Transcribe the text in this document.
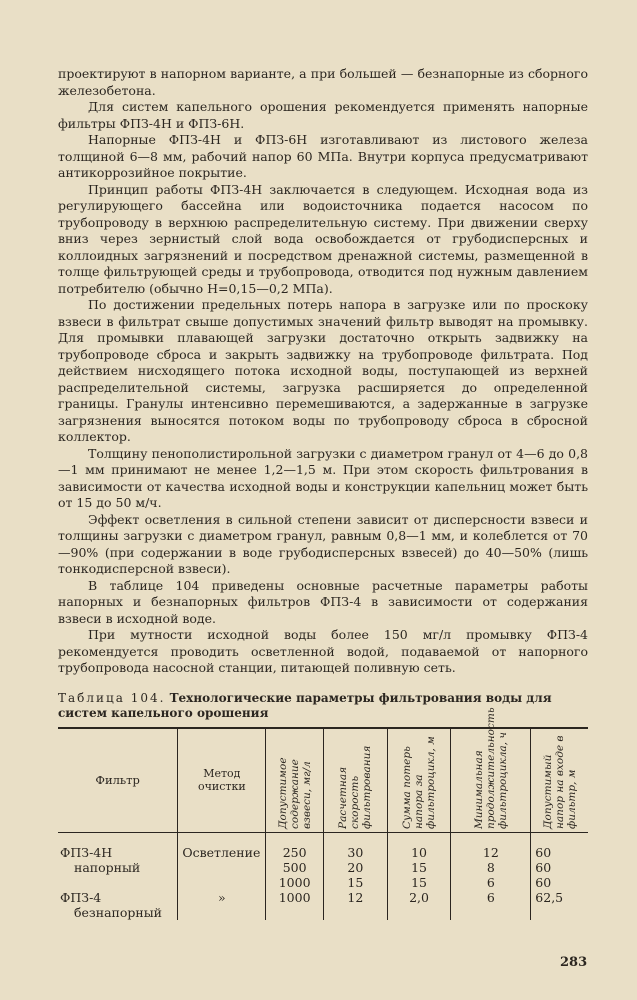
проектируют в напорном варианте, а при большей — безнапорные из сборного железобетона.

Для систем капельного орошения рекомендуется применять напорные фильтры ФПЗ-4Н и ФПЗ-6Н.

Напорные ФПЗ-4Н и ФПЗ-6Н изготавливают из листового железа толщиной 6—8 мм, рабочий напор 60 МПа. Внутри корпуса предусматривают антикоррозийное покрытие.

Принцип работы ФПЗ-4Н заключается в следующем. Исходная вода из регулирующего бассейна или водоисточника подается насосом по трубопроводу в верхнюю распределительную систему. При движении сверху вниз через зернистый слой вода освобождается от грубодисперсных и коллоидных загрязнений и посредством дренажной системы, размещенной в толще фильтрующей среды и трубопровода, отводится под нужным давлением потребителю (обычно H=0,15—0,2 МПа).

По достижении предельных потерь напора в загрузке или по проскоку взвеси в фильтрат свыше допустимых значений фильтр выводят на промывку. Для промывки плавающей загрузки достаточно открыть задвижку на трубопроводе сброса и закрыть задвижку на трубопроводе фильтрата. Под действием нисходящего потока исходной воды, поступающей из верхней распределительной системы, загрузка расширяется до определенной границы. Гранулы интенсивно перемешиваются, а задержанные в загрузке загрязнения выносятся потоком воды по трубопроводу сброса в сбросной коллектор.

Толщину пенополистирольной загрузки с диаметром гранул от 4—6 до 0,8—1 мм принимают не менее 1,2—1,5 м. При этом скорость фильтрования в зависимости от качества исходной воды и конструкции капельниц может быть от 15 до 50 м/ч.

Эффект осветления в сильной степени зависит от дисперсности взвеси и толщины загрузки с диаметром гранул, равным 0,8—1 мм, и колеблется от 70—90% (при содержании в воде грубодисперсных взвесей) до 40—50% (лишь тонкодисперсной взвеси).

В таблице 104 приведены основные расчетные параметры работы напорных и безнапорных фильтров ФПЗ-4 в зависимости от содержания взвеси в исходной воде.

При мутности исходной воды более 150 мг/л промывку ФПЗ-4 рекомендуется проводить осветленной водой, подаваемой от напорного трубопровода насосной станции, питающей поливную сеть.

Таблица 104. Технологические параметры фильтрования воды для систем капельного орошения
Фильтр	Метод очистки	Допустимое содержание взвеси, мг/л	Расчетная скорость фильтрования	Сумма потерь напора за фильтроцикл, м	Минимальная продолжительность фильтроцикла, ч	Допустимый напор на входе в фильтр, м

ФПЗ-4Н	Осветление	250	30	10	12	60
напорный		500	20	15	8	60
		1000	15	15	6	60
ФПЗ-4	»	1000	12	2,0	6	62,5
безнапорный						
283
